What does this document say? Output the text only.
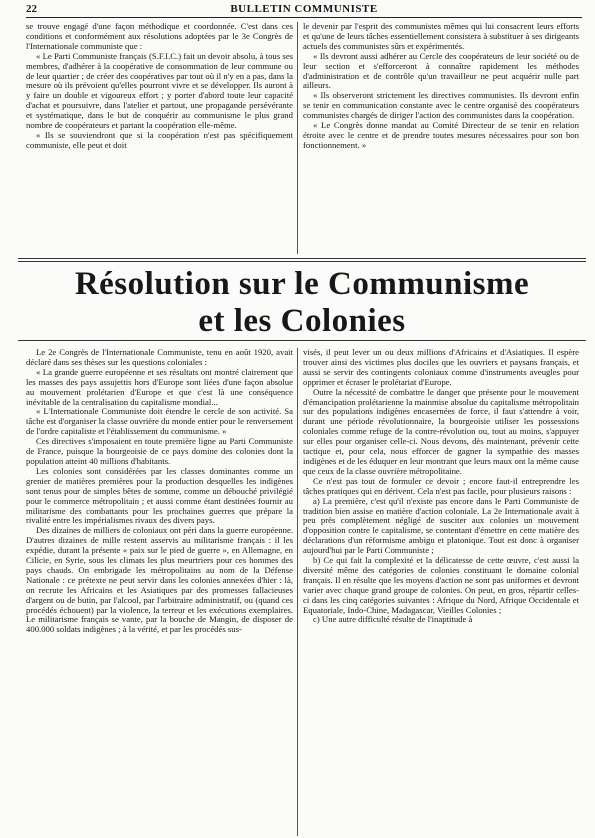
22	BULLETIN COMMUNISTE

se trouve engagé d'une façon méthodique et coordonnée. C'est dans ces conditions et conformément aux résolutions adoptées par le 3e Congrès de l'Internationale communiste que :

« Le Parti Communiste français (S.F.I.C.) fait un devoir absolu, à tous ses membres, d'adhérer à la coopérative de consommation de leur commune ou de leur quartier ; de créer des coopératives par tout où il n'y en a pas, dans la mesure où ils prévoient qu'elles pourront vivre et se développer. Ils auront à y faire un double et vigoureux effort ; y porter d'abord toute leur capacité d'achat et poursuivre, dans l'atelier et partout, une propagande persévérante et systématique, dans le but de conquérir au communisme le plus grand nombre de coopérateurs et partant la coopération elle-même.

« Ils se souviendront que si la coopération n'est pas spécifiquement communiste, elle peut et doit

le devenir par l'esprit des communistes mêmes qui lui consacrent leurs efforts et qu'une de leurs tâches essentiellement consistera à substituer à ses dirigeants actuels des communistes sûrs et expérimentés.

« Ils devront aussi adhérer au Cercle des coopérateurs de leur société ou de leur section et s'efforceront à connaître rapidement les méthodes d'administration et de contrôle qu'un travailleur ne peut acquérir nulle part ailleurs.

« Ils observeront strictement les directives communistes. Ils devront enfin se tenir en communication constante avec le centre organisé des coopérateurs communistes chargés de diriger l'action des communistes dans la coopération.

« Le Congrès donne mandat au Comité Directeur de se tenir en relation étroite avec le centre et de prendre toutes mesures nécessaires pour son bon fonctionnement. »

Résolution sur le Communisme
et les Colonies

Le 2e Congrès de l'Internationale Communiste, tenu en août 1920, avait déclaré dans ses thèses sur les questions coloniales :

« La grande guerre européenne et ses résultats ont montré clairement que les masses des pays assujettis hors d'Europe sont liées d'une façon absolue au mouvement prolétarien d'Europe et que c'est là une conséquence inévitable de la centralisation du capitalisme mondial...

« L'Internationale Communiste doit étendre le cercle de son activité. Sa tâche est d'organiser la classe ouvrière du monde entier pour le renversement de l'ordre capitaliste et l'établissement du communisme. »

Ces directives s'imposaient en toute première ligne au Parti Communiste de France, puisque la bourgeoisie de ce pays domine des colonies dont la population atteint 40 millions d'habitants.

Les colonies sont considérées par les classes dominantes comme un grenier de matières premières pour la production desquelles les indigènes sont tenus pour de simples bêtes de somme, comme un débouché privilégié pour le commerce métropolitain ; et aussi comme étant destinées fournir au militarisme des combattants pour les prochaines guerres que prépare la rivalité entre les impérialismes rivaux des divers pays.

Des dizaines de milliers de coloniaux ont péri dans la guerre européenne. D'autres dizaines de mille restent asservis au militarisme français : il les expédie, durant la présente « paix sur le pied de guerre », en Allemagne, en Cilicie, en Syrie, sous les climats les plus meurtriers pour ces hommes des pays chauds. On embrigade les métropolitains au nom de la Défense Nationale : ce prétexte ne peut servir dans les colonies annexées d'hier : là, on recrute les Africains et les Asiatiques par des promesses fallacieuses d'argent ou de butin, par l'alcool, par l'arbitraire administratif, ou (quand ces procédés échouent) par la violence, la terreur et les exécutions exemplaires. Le militarisme français se vante, par la bouche de Mangin, de disposer de 400.000 soldats indigènes ; à la vérité, et par les procédés sus-

visés, il peut lever un ou deux millions d'Africains et d'Asiatiques. Il espère trouver ainsi des victimes plus dociles que les ouvriers et paysans français, et aussi se servir des contingents coloniaux comme d'instruments aveugles pour opprimer et écraser le prolétariat d'Europe.

Outre la nécessité de combattre le danger que présente pour le mouvement d'émancipation prolétarienne la mainmise absolue du capitalisme métropolitain sur des populations indigènes encasernées de force, il faut s'attendre à voir, durant une période révolutionnaire, la bourgeoisie utiliser les possessions coloniales comme refuge de la contre-révolution ou, tout au moins, s'appuyer sur elles pour organiser celle-ci. Nous devons, dès maintenant, prévenir cette tactique et, pour cela, nous efforcer de gagner la sympathie des masses indigènes et de les éduquer en leur montrant que leurs maux ont la même cause que ceux de la classe ouvrière métropolitaine.

Ce n'est pas tout de formuler ce devoir ; encore faut-il entreprendre les tâches pratiques qui en dérivent. Cela n'est pas facile, pour plusieurs raisons :

a) La première, c'est qu'il n'existe pas encore dans le Parti Communiste de tradition bien assise en matière d'action coloniale. La 2e Internationale avait à peu près complètement négligé de susciter aux colonies un mouvement d'opposition contre le capitalisme, se contentant d'émettre en cette matière des déclarations d'un réformisme ambigu et platonique. Tout est donc à organiser aujourd'hui par le Parti Communiste ;

b) Ce qui fait la complexité et la délicatesse de cette œuvre, c'est aussi la diversité même des catégories de colonies constituant le domaine colonial français. Il en résulte que les moyens d'action ne sont pas uniformes et devront varier avec chaque grand groupe de colonies. On peut, en gros, répartir celles-ci dans les cinq catégories suivantes : Afrique du Nord, Afrique Occidentale et Equatoriale, Indo-Chine, Madagascar, Vieilles Colonies ;

c) Une autre difficulté résulte de l'inaptitude à
